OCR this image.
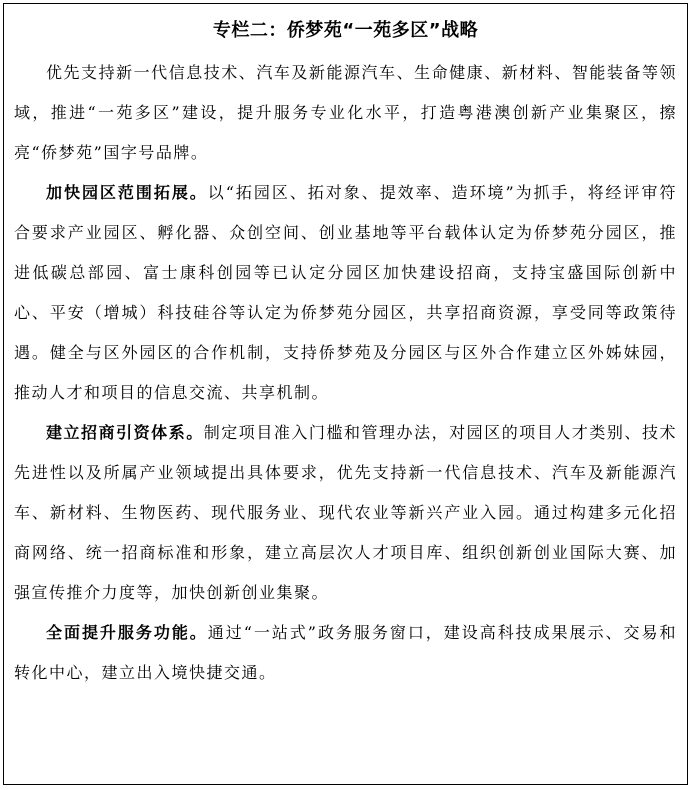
专栏二：侨梦苑“一苑多区”战略

优先支持新一代信息技术、汽车及新能源汽车、生命健康、新材料、智能装备等领域，推进“一苑多区”建设，提升服务专业化水平，打造粤港澳创新产业集聚区，擦亮“侨梦苑”国字号品牌。

加快园区范围拓展。以“拓园区、拓对象、提效率、造环境”为抓手，将经评审符合要求产业园区、孵化器、众创空间、创业基地等平台载体认定为侨梦苑分园区，推进低碳总部园、富士康科创园等已认定分园区加快建设招商，支持宝盛国际创新中心、平安（增城）科技硅谷等认定为侨梦苑分园区，共享招商资源，享受同等政策待遇。健全与区外园区的合作机制，支持侨梦苑及分园区与区外合作建立区外姊妹园，推动人才和项目的信息交流、共享机制。

建立招商引资体系。制定项目准入门槛和管理办法，对园区的项目人才类别、技术先进性以及所属产业领域提出具体要求，优先支持新一代信息技术、汽车及新能源汽车、新材料、生物医药、现代服务业、现代农业等新兴产业入园。通过构建多元化招商网络、统一招商标准和形象，建立高层次人才项目库、组织创新创业国际大赛、加强宣传推介力度等，加快创新创业集聚。

全面提升服务功能。通过“一站式”政务服务窗口，建设高科技成果展示、交易和转化中心，建立出入境快捷交通。
